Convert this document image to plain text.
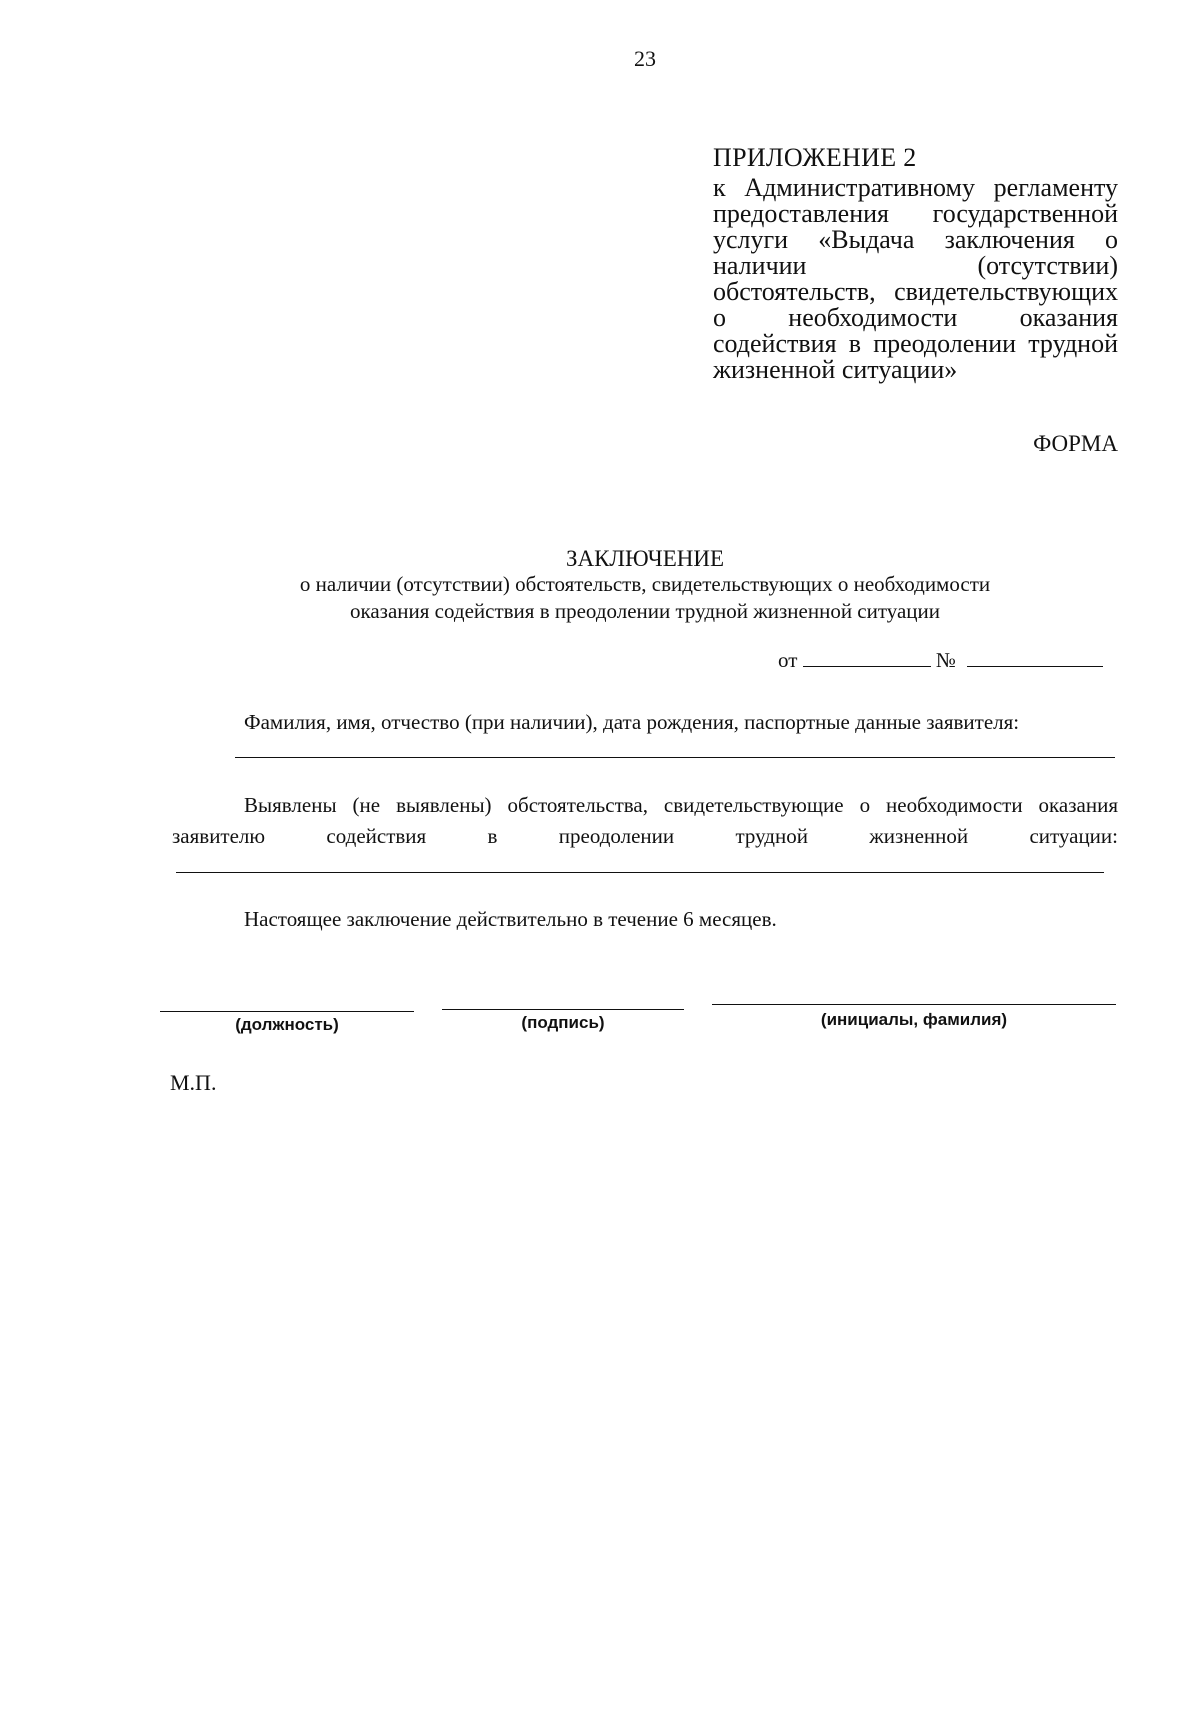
23
ПРИЛОЖЕНИЕ 2
к Административному регламенту предоставления государственной услуги «Выдача заключения о наличии (отсутствии) обстоятельств, свидетельствующих о необходимости оказания содействия в преодолении трудной жизненной ситуации»
ФОРМА
ЗАКЛЮЧЕНИЕ
о наличии (отсутствии) обстоятельств, свидетельствующих о необходимости
оказания содействия в преодолении трудной жизненной ситуации
от	№
Фамилия, имя, отчество (при наличии), дата рождения, паспортные данные заявителя:
Выявлены (не выявлены) обстоятельства, свидетельствующие о необходимости оказания заявителю содействия в преодолении трудной жизненной ситуации:
Настоящее заключение действительно в течение 6 месяцев.
(должность)	(подпись)	(инициалы, фамилия)
М.П.
